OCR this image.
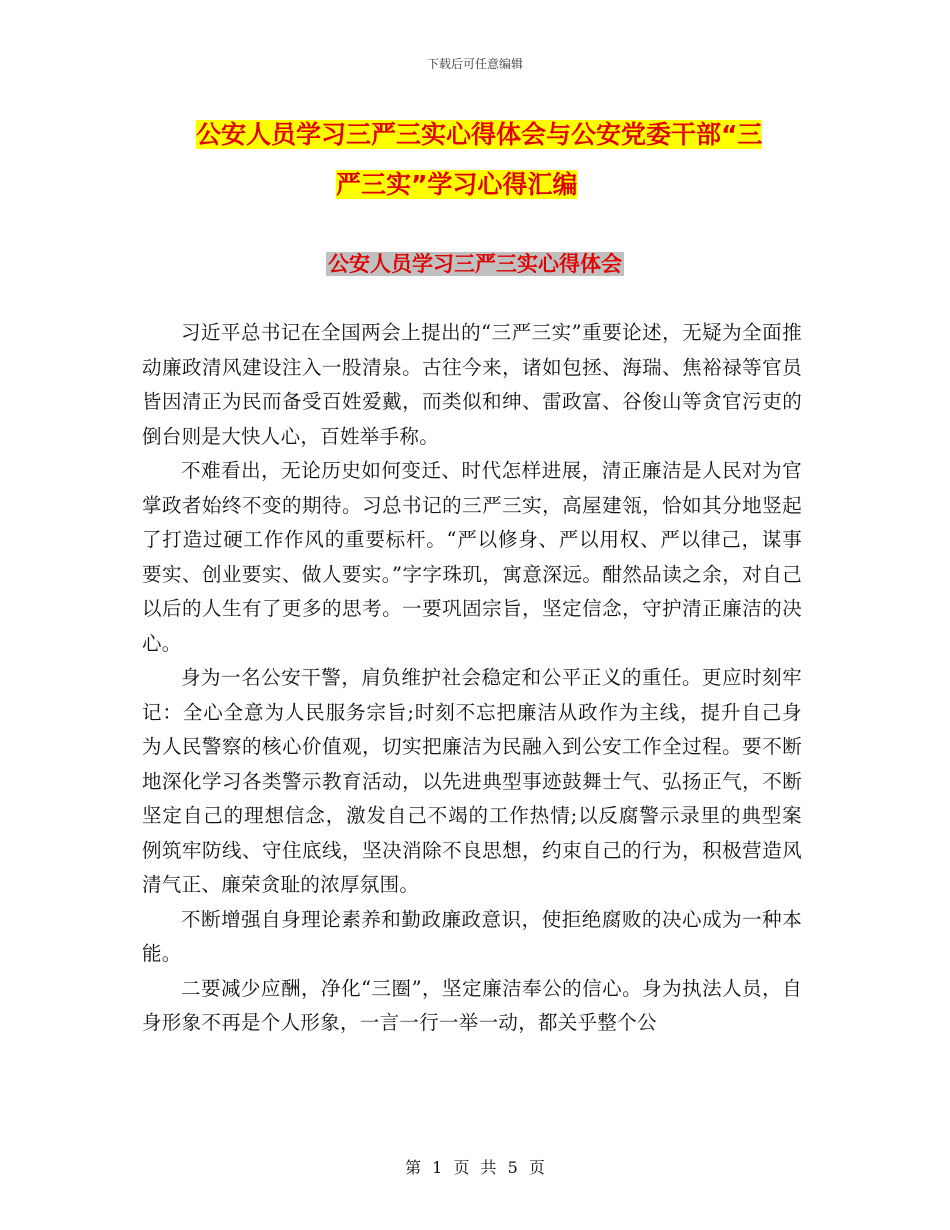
下载后可任意编辑
公安人员学习三严三实心得体会与公安党委干部“三
严三实”学习心得汇编
公安人员学习三严三实心得体会

习近平总书记在全国两会上提出的“三严三实”重要论述，无疑为全面推动廉政清风建设注入一股清泉。古往今来，诸如包拯、海瑞、焦裕禄等官员皆因清正为民而备受百姓爱戴，而类似和绅、雷政富、谷俊山等贪官污吏的倒台则是大快人心，百姓举手称。

不难看出，无论历史如何变迁、时代怎样进展，清正廉洁是人民对为官掌政者始终不变的期待。习总书记的三严三实，高屋建瓴，恰如其分地竖起了打造过硬工作作风的重要标杆。“严以修身、严以用权、严以律己，谋事要实、创业要实、做人要实。”字字珠玑，寓意深远。酣然品读之余，对自己以后的人生有了更多的思考。一要巩固宗旨，坚定信念，守护清正廉洁的决心。

身为一名公安干警，肩负维护社会稳定和公平正义的重任。更应时刻牢记：全心全意为人民服务宗旨;时刻不忘把廉洁从政作为主线，提升自己身为人民警察的核心价值观，切实把廉洁为民融入到公安工作全过程。要不断地深化学习各类警示教育活动，以先进典型事迹鼓舞士气、弘扬正气，不断坚定自己的理想信念，激发自己不竭的工作热情;以反腐警示录里的典型案例筑牢防线、守住底线，坚决消除不良思想，约束自己的行为，积极营造风清气正、廉荣贪耻的浓厚氛围。

不断增强自身理论素养和勤政廉政意识，使拒绝腐败的决心成为一种本能。

二要减少应酬，净化“三圈”，坚定廉洁奉公的信心。身为执法人员，自身形象不再是个人形象，一言一行一举一动，都关乎整个公

第 1 页 共 5 页
